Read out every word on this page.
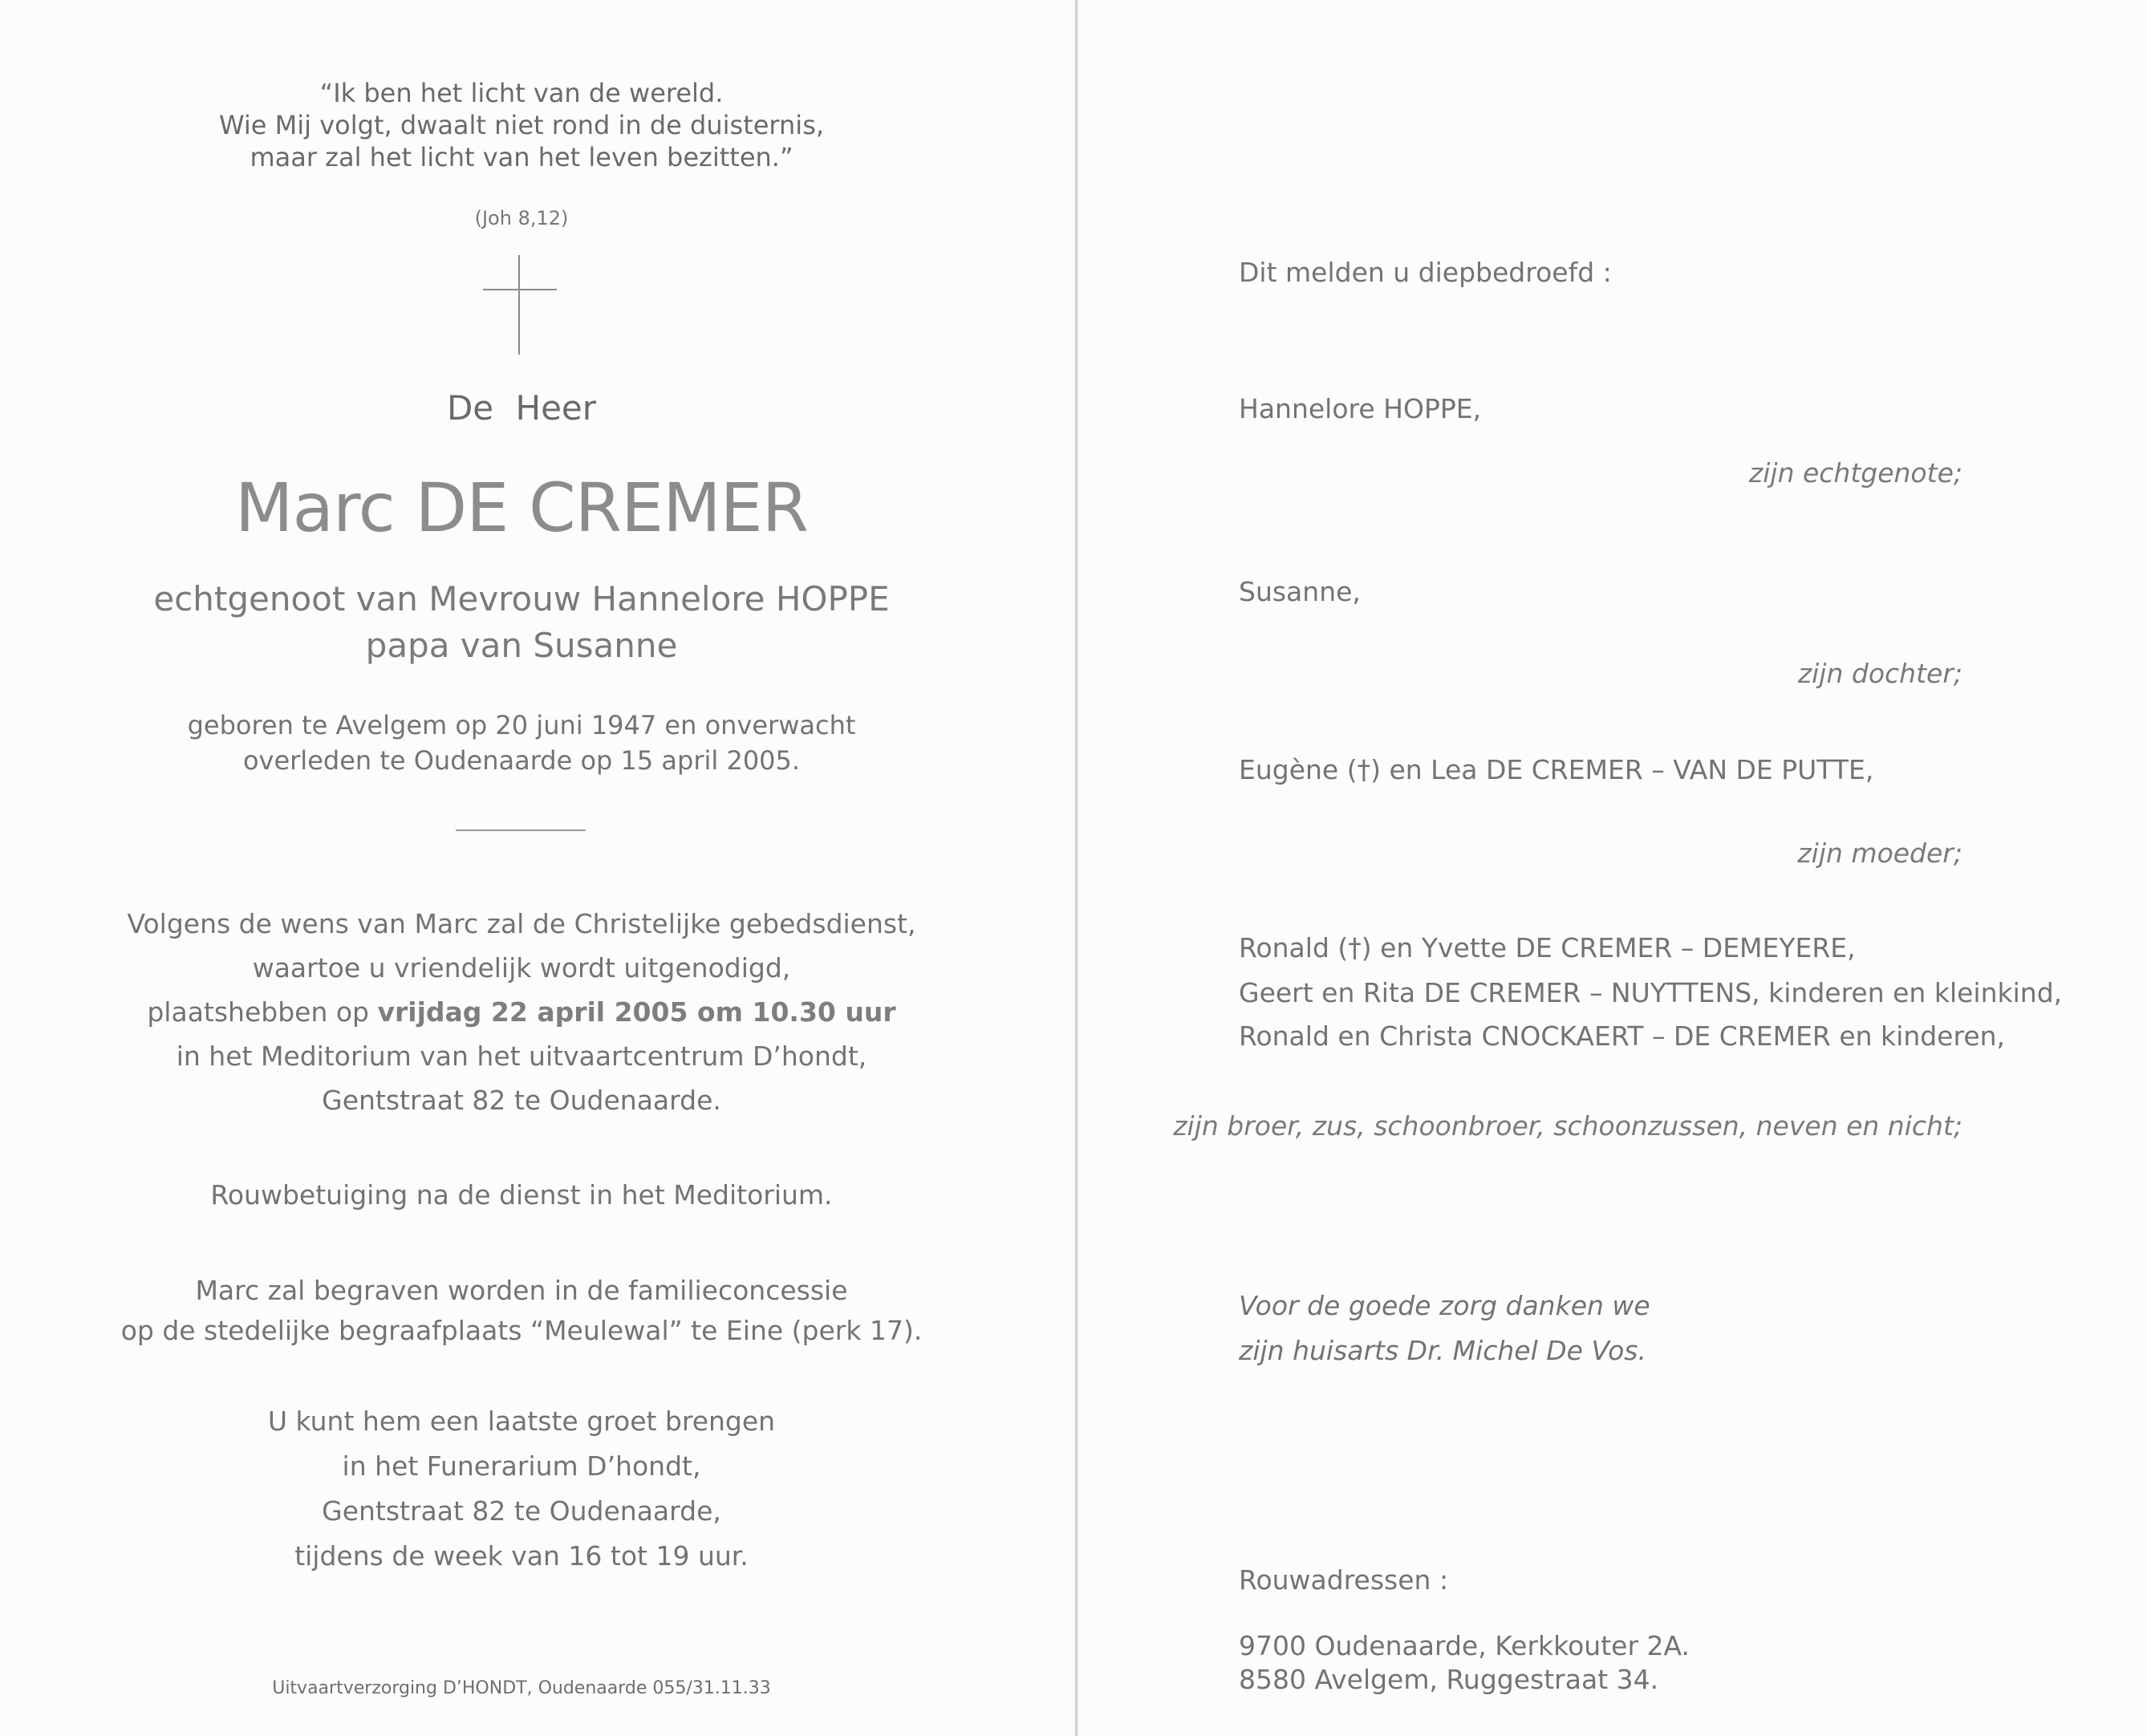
“Ik ben het licht van de wereld.
Wie Mij volgt, dwaalt niet rond in de duisternis,
maar zal het licht van het leven bezitten.”
(Joh 8,12)
De Heer
Marc DE CREMER
echtgenoot van Mevrouw Hannelore HOPPE
papa van Susanne
geboren te Avelgem op 20 juni 1947 en onverwacht
overleden te Oudenaarde op 15 april 2005.
Volgens de wens van Marc zal de Christelijke gebedsdienst,
waartoe u vriendelijk wordt uitgenodigd,
plaatshebben op vrijdag 22 april 2005 om 10.30 uur
in het Meditorium van het uitvaartcentrum D’hondt,
Gentstraat 82 te Oudenaarde.
Rouwbetuiging na de dienst in het Meditorium.
Marc zal begraven worden in de familieconcessie
op de stedelijke begraafplaats “Meulewal” te Eine (perk 17).
U kunt hem een laatste groet brengen
in het Funerarium D’hondt,
Gentstraat 82 te Oudenaarde,
tijdens de week van 16 tot 19 uur.
Uitvaartverzorging D’HONDT, Oudenaarde 055/31.11.33
Dit melden u diepbedroefd :
Hannelore HOPPE,
zijn echtgenote;
Susanne,
zijn dochter;
Eugène (†) en Lea DE CREMER – VAN DE PUTTE,
zijn moeder;
Ronald (†) en Yvette DE CREMER – DEMEYERE,
Geert en Rita DE CREMER – NUYTTENS, kinderen en kleinkind,
Ronald en Christa CNOCKAERT – DE CREMER en kinderen,
zijn broer, zus, schoonbroer, schoonzussen, neven en nicht;
Voor de goede zorg danken we
zijn huisarts Dr. Michel De Vos.
Rouwadressen :
9700 Oudenaarde, Kerkkouter 2A.
8580 Avelgem, Ruggestraat 34.
